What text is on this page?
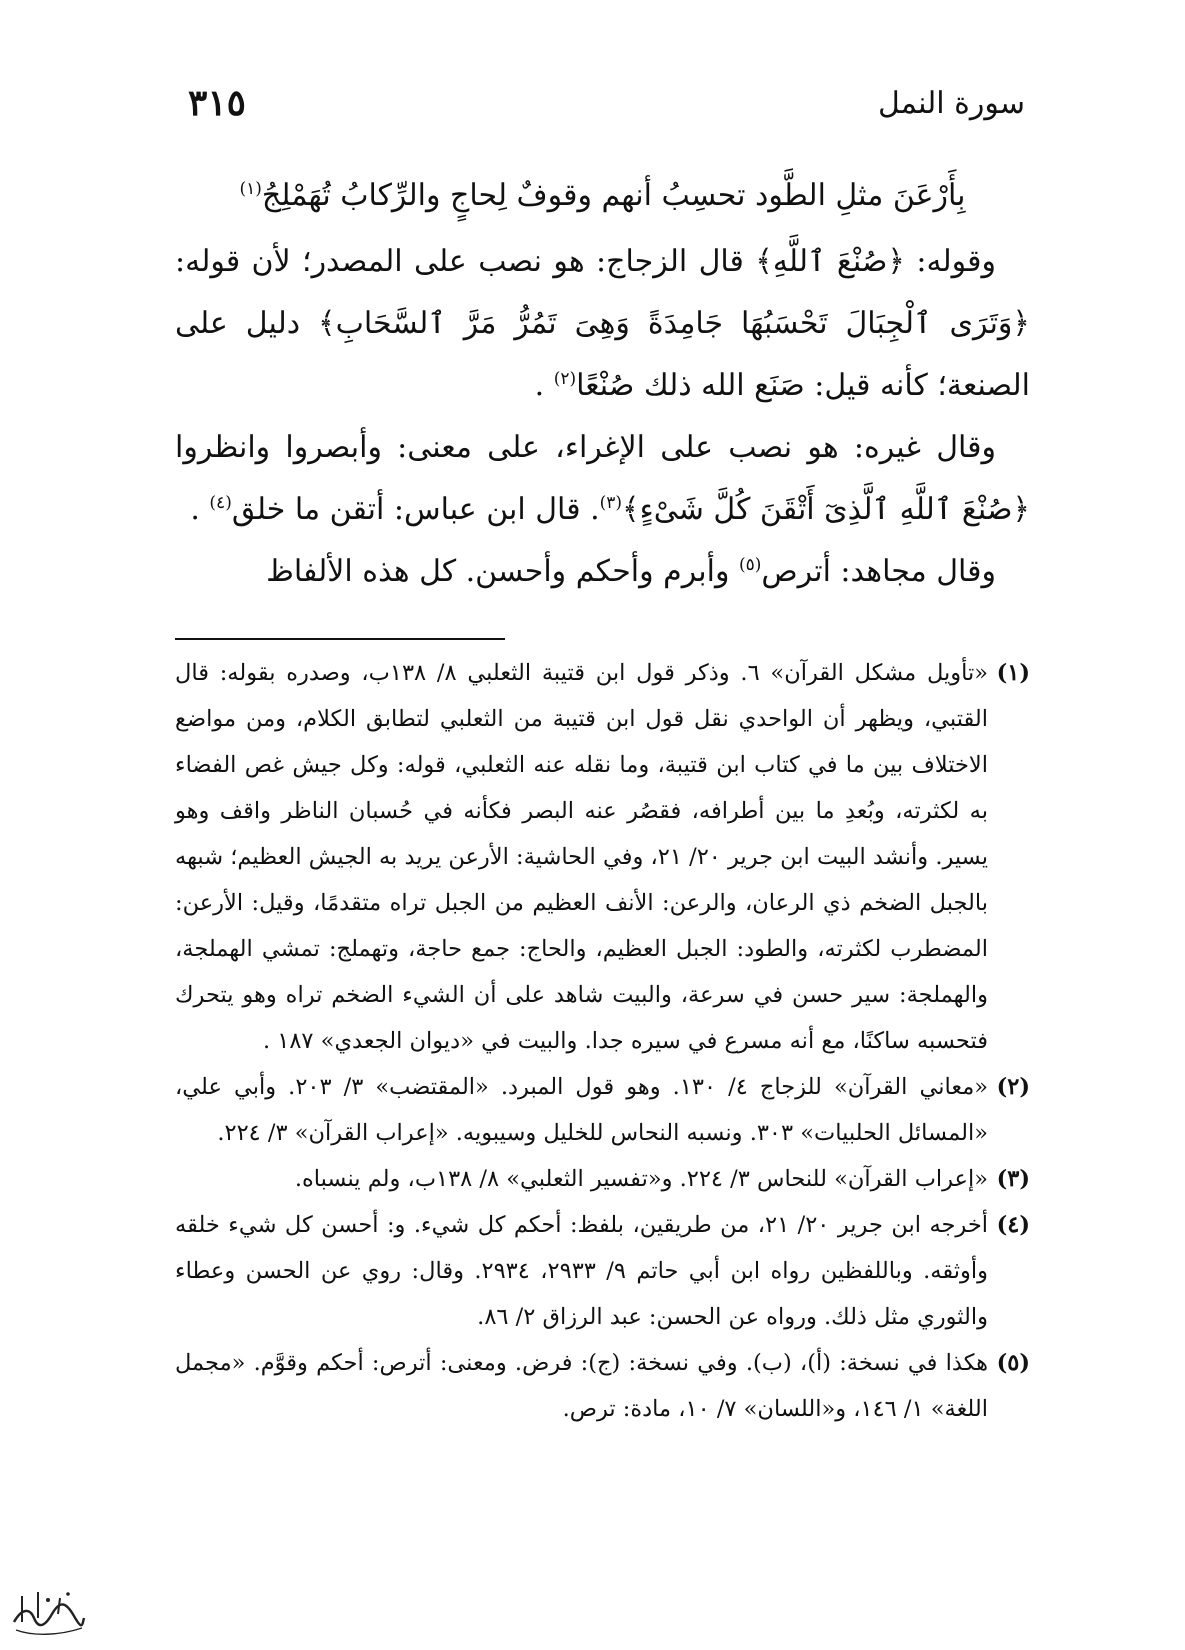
٣١٥	سورة النمل

بِأَرْعَنَ مثلِ الطَّود تحسِبُ أنهم وقوفٌ لِحاجٍ والرِّكابُ تُهَمْلِجُ$^{(١)}$

وقوله: ﴿صُنْعَ ٱللَّهِ﴾ قال الزجاج: هو نصب على المصدر؛ لأن قوله: ﴿وَتَرَى ٱلْجِبَالَ تَحْسَبُهَا جَامِدَةً وَهِىَ تَمُرُّ مَرَّ ٱلسَّحَابِ﴾ دليل على الصنعة؛ كأنه قيل: صَنَع الله ذلك صُنْعًا$^{(٢)}$ .

وقال غيره: هو نصب على الإغراء، على معنى: وأبصروا وانظروا ﴿صُنْعَ ٱللَّهِ ٱلَّذِىٓ أَتْقَنَ كُلَّ شَىْءٍ﴾$^{(٣)}$. قال ابن عباس: أتقن ما خلق$^{(٤)}$ .

وقال مجاهد: أترص$^{(٥)}$ وأبرم وأحكم وأحسن. كل هذه الألفاظ

(١)
«تأويل مشكل القرآن» ٦. وذكر قول ابن قتيبة الثعلبي ٨/ ١٣٨ب، وصدره بقوله: قال القتبي، ويظهر أن الواحدي نقل قول ابن قتيبة من الثعلبي لتطابق الكلام، ومن مواضع الاختلاف بين ما في كتاب ابن قتيبة، وما نقله عنه الثعلبي، قوله: وكل جيش غص الفضاء به لكثرته، وبُعدِ ما بين أطرافه، فقصُر عنه البصر فكأنه في حُسبان الناظر واقف وهو يسير. وأنشد البيت ابن جرير ٢٠/ ٢١، وفي الحاشية: الأرعن يريد به الجيش العظيم؛ شبهه بالجبل الضخم ذي الرعان، والرعن: الأنف العظيم من الجبل تراه متقدمًا، وقيل: الأرعن: المضطرب لكثرته، والطود: الجبل العظيم، والحاج: جمع حاجة، وتهملج: تمشي الهملجة، والهملجة: سير حسن في سرعة، والبيت شاهد على أن الشيء الضخم تراه وهو يتحرك فتحسبه ساكنًا، مع أنه مسرع في سيره جدا. والبيت في «ديوان الجعدي» ١٨٧ .

(٢)
«معاني القرآن» للزجاج ٤/ ١٣٠. وهو قول المبرد. «المقتضب» ٣/ ٢٠٣. وأبي علي، «المسائل الحلبيات» ٣٠٣. ونسبه النحاس للخليل وسيبويه. «إعراب القرآن» ٣/ ٢٢٤.

(٣)
«إعراب القرآن» للنحاس ٣/ ٢٢٤. و«تفسير الثعلبي» ٨/ ١٣٨ب، ولم ينسباه.

(٤)
أخرجه ابن جرير ٢٠/ ٢١، من طريقين، بلفظ: أحكم كل شيء. و: أحسن كل شيء خلقه وأوثقه. وباللفظين رواه ابن أبي حاتم ٩/ ٢٩٣٣، ٢٩٣٤. وقال: روي عن الحسن وعطاء والثوري مثل ذلك. ورواه عن الحسن: عبد الرزاق ٢/ ٨٦.

(٥)
هكذا في نسخة: (أ)، (ب). وفي نسخة: (ج): فرض. ومعنى: أترص: أحكم وقوَّم. «مجمل اللغة» ١/ ١٤٦، و«اللسان» ٧/ ١٠، مادة: ترص.
